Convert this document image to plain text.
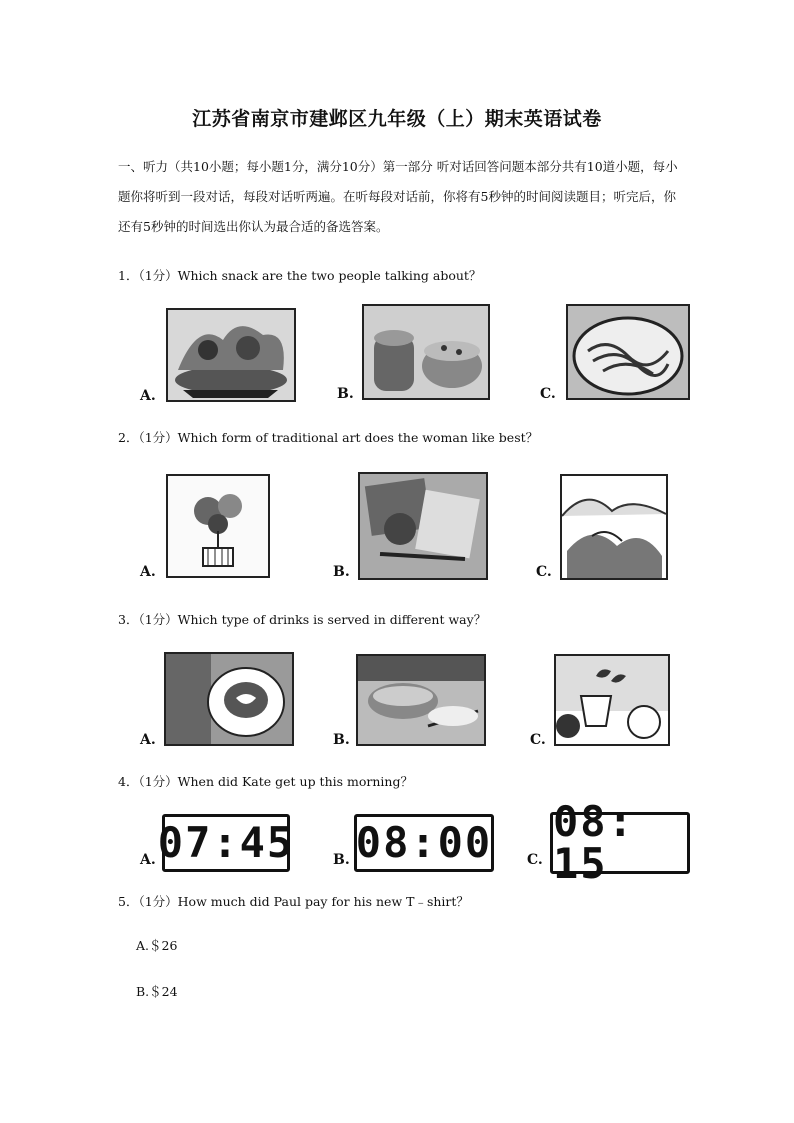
江苏省南京市建邺区九年级（上）期末英语试卷
一、听力（共10小题；每小题1分，满分10分）第一部分 听对话回答问题本部分共有10道小题，每小题你将听到一段对话，每段对话听两遍。在听每段对话前，你将有5秒钟的时间阅读题目；听完后，你还有5秒钟的时间选出你认为最合适的备选答案。
1．（1分）Which snack are the two people talking about？
A.	B.	C.
2．（1分）Which form of traditional art does the woman like best？
A.	B.	C.
3．（1分）Which type of drinks is served in different way？
A.	B.	C.
4．（1分）When did Kate get up this morning？
A. 07:45	B. 08:00 C.
08: 15
5．（1分）How much did Paul pay for his new T﹣shirt？
A.＄26
B.＄24
